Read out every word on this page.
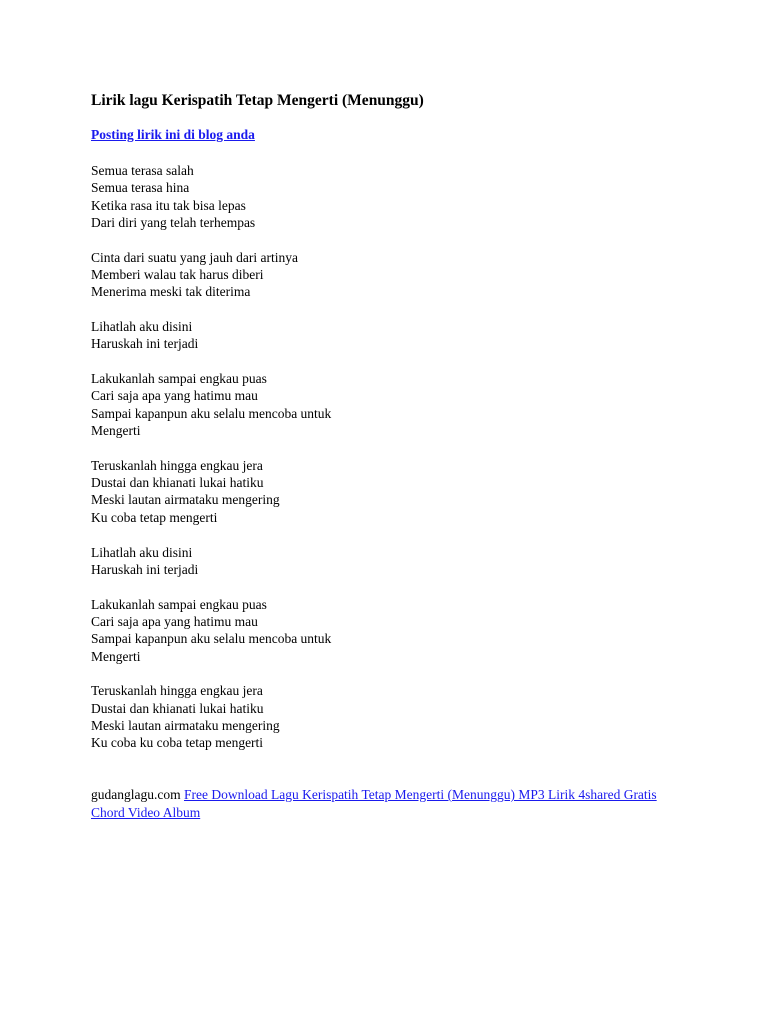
Lirik lagu Kerispatih Tetap Mengerti (Menunggu)
Posting lirik ini di blog anda
Semua terasa salah
Semua terasa hina
Ketika rasa itu tak bisa lepas
Dari diri yang telah terhempas
Cinta dari suatu yang jauh dari artinya
Memberi walau tak harus diberi
Menerima meski tak diterima
Lihatlah aku disini
Haruskah ini terjadi
Lakukanlah sampai engkau puas
Cari saja apa yang hatimu mau
Sampai kapanpun aku selalu mencoba untuk
Mengerti
Teruskanlah hingga engkau jera
Dustai dan khianati lukai hatiku
Meski lautan airmataku mengering
Ku coba tetap mengerti
Lihatlah aku disini
Haruskah ini terjadi
Lakukanlah sampai engkau puas
Cari saja apa yang hatimu mau
Sampai kapanpun aku selalu mencoba untuk
Mengerti
Teruskanlah hingga engkau jera
Dustai dan khianati lukai hatiku
Meski lautan airmataku mengering
Ku coba ku coba tetap mengerti
gudanglagu.com Free Download Lagu Kerispatih Tetap Mengerti (Menunggu) MP3 Lirik 4shared Gratis Chord Video Album
